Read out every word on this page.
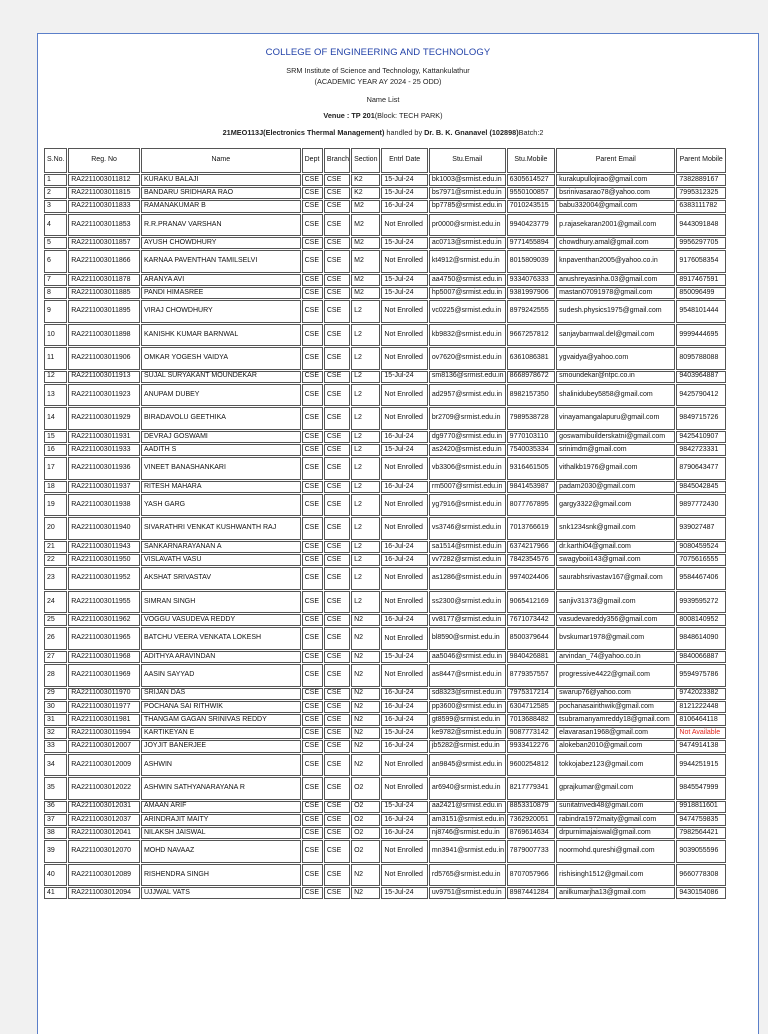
COLLEGE OF ENGINEERING AND TECHNOLOGY
SRM Institute of Science and Technology, Kattankulathur
(ACADEMIC YEAR AY 2024 - 25 ODD)
Name List
Venue : TP 201(Block: TECH PARK)
21MEO113J(Electronics Thermal Management) handled by Dr. B. K. Gnanavel (102898)Batch:2
S.No.	Reg. No	Name	Dept	Branch	Section	Entrl Date	Stu.Email	Stu.Mobile	Parent Email	Parent Mobile
1	RA2211003011812	KURAKU BALAJI	CSE	CSE	K2	15-Jul-24	bk1003@srmist.edu.in	6305614527	kurakupullojirao@gmail.com	7382889167
2	RA2211003011815	BANDARU SRIDHARA RAO	CSE	CSE	K2	15-Jul-24	bs7971@srmist.edu.in	9550100857	bsrinivasarao78@yahoo.com	7995312325
3	RA2211003011833	RAMANAKUMAR B	CSE	CSE	M2	16-Jul-24	bp7785@srmist.edu.in	7010243515	babu332004@gmail.com	6383111782
4	RA2211003011853	R.R.PRANAV VARSHAN	CSE	CSE	M2	Not Enrolled	pr0000@srmist.edu.in	9940423779	p.rajasekaran2001@gmail.com	9443091848
5	RA2211003011857	AYUSH CHOWDHURY	CSE	CSE	M2	15-Jul-24	ac0713@srmist.edu.in	9771455894	chowdhury.amal@gmail.com	9956297705
6	RA2211003011866	KARNAA PAVENTHAN TAMILSELVI	CSE	CSE	M2	Not Enrolled	kt4912@srmist.edu.in	8015809039	knpaventhan2005@yahoo.co.in	9176058354
7	RA2211003011878	ARANYA AVI	CSE	CSE	M2	15-Jul-24	aa4750@srmist.edu.in	9334076333	anushreyasinha.03@gmail.com	8917467591
8	RA2211003011885	PANDI HIMASREE	CSE	CSE	M2	15-Jul-24	hp5007@srmist.edu.in	9381997906	mastan07091978@gmail.com	850096499
9	RA2211003011895	VIRAJ CHOWDHURY	CSE	CSE	L2	Not Enrolled	vc0225@srmist.edu.in	8979242555	sudesh.physics1975@gmail.com	9548101444
10	RA2211003011898	KANISHK KUMAR BARNWAL	CSE	CSE	L2	Not Enrolled	kb9832@srmist.edu.in	9667257812	sanjaybarnwal.del@gmail.com	9999444695
11	RA2211003011906	OMKAR YOGESH VAIDYA	CSE	CSE	L2	Not Enrolled	ov7620@srmist.edu.in	6361086381	ygvaidya@yahoo.com	8095788088
12	RA2211003011913	SUJAL SURYAKANT MOUNDEKAR	CSE	CSE	L2	15-Jul-24	sm8136@srmist.edu.in	8668978672	smoundekar@ntpc.co.in	9403964887
13	RA2211003011923	ANUPAM DUBEY	CSE	CSE	L2	Not Enrolled	ad2957@srmist.edu.in	8982157350	shalinidubey5858@gmail.com	9425790412
14	RA2211003011929	BIRADAVOLU GEETHIKA	CSE	CSE	L2	Not Enrolled	br2709@srmist.edu.in	7989538728	vinayamangalapuru@gmail.com	9849715726
15	RA2211003011931	DEVRAJ GOSWAMI	CSE	CSE	L2	16-Jul-24	dg9770@srmist.edu.in	9770103110	goswamibuilderskatni@gmail.com	9425410907
16	RA2211003011933	AADITH S	CSE	CSE	L2	15-Jul-24	as2420@srmist.edu.in	7540035334	srinimdm@gmail.com	9842723331
17	RA2211003011936	VINEET BANASHANKARI	CSE	CSE	L2	Not Enrolled	vb3306@srmist.edu.in	9316461505	vithalkb1976@gmail.com	8790643477
18	RA2211003011937	RITESH MAHARA	CSE	CSE	L2	16-Jul-24	rm5007@srmist.edu.in	9841453987	padam2030@gmail.com	9845042845
19	RA2211003011938	YASH GARG	CSE	CSE	L2	Not Enrolled	yg7916@srmist.edu.in	8077767895	gargy3322@gmail.com	9897772430
20	RA2211003011940	SIVARATHRI VENKAT KUSHWANTH RAJ	CSE	CSE	L2	Not Enrolled	vs3746@srmist.edu.in	7013766619	snk1234snk@gmail.com	939027487
21	RA2211003011943	SANKARNARAYANAN A	CSE	CSE	L2	16-Jul-24	sa1514@srmist.edu.in	6374217966	dr.karthi04@gmail.com	9080459524
22	RA2211003011950	VISLAVATH VASU	CSE	CSE	L2	16-Jul-24	vv7282@srmist.edu.in	7842354576	swagyboii143@gmail.com	7075616555
23	RA2211003011952	AKSHAT SRIVASTAV	CSE	CSE	L2	Not Enrolled	as1286@srmist.edu.in	9974024406	saurabhsrivastav167@gmail.com	9584467406
24	RA2211003011955	SIMRAN SINGH	CSE	CSE	L2	Not Enrolled	ss2300@srmist.edu.in	9065412169	sanjiv31373@gmail.com	9939595272
25	RA2211003011962	VOGGU VASUDEVA REDDY	CSE	CSE	N2	16-Jul-24	vv8177@srmist.edu.in	7671073442	vasudevareddy356@gmail.com	8008140952
26	RA2211003011965	BATCHU VEERA VENKATA LOKESH	CSE	CSE	N2	Not Enrolled	bl8590@srmist.edu.in	8500379644	bvskumar1978@gmail.com	9848614090
27	RA2211003011968	ADITHYA ARAVINDAN	CSE	CSE	N2	15-Jul-24	aa5046@srmist.edu.in	9840426881	arvindan_74@yahoo.co.in	9840066887
28	RA2211003011969	AASIN SAYYAD	CSE	CSE	N2	Not Enrolled	as8447@srmist.edu.in	8779357557	progressive4422@gmail.com	9594975786
29	RA2211003011970	SRIJAN DAS	CSE	CSE	N2	16-Jul-24	sd8323@srmist.edu.in	7975317214	swarup76@yahoo.com	9742023382
30	RA2211003011977	POCHANA SAI RITHWIK	CSE	CSE	N2	16-Jul-24	pp3600@srmist.edu.in	6304712585	pochanasairithwik@gmail.com	8121222448
31	RA2211003011981	THANGAM GAGAN SRINIVAS REDDY	CSE	CSE	N2	16-Jul-24	gt8599@srmist.edu.in	7013688482	tsubramanyamreddy18@gmail.com	8106464118
32	RA2211003011994	KARTIKEYAN E	CSE	CSE	N2	15-Jul-24	ke9782@srmist.edu.in	9087773142	elavarasan1968@gmail.com	Not Available
33	RA2211003012007	JOYJIT BANERJEE	CSE	CSE	N2	16-Jul-24	jb5282@srmist.edu.in	9933412276	alokeban2010@gmail.com	9474914138
34	RA2211003012009	ASHWIN	CSE	CSE	N2	Not Enrolled	an9845@srmist.edu.in	9600254812	tokkojabez123@gmail.com	9944251915
35	RA2211003012022	ASHWIN SATHYANARAYANA R	CSE	CSE	O2	Not Enrolled	ar6940@srmist.edu.in	8217779341	gprajkumar@gmail.com	9845547999
36	RA2211003012031	AMAAN ARIF	CSE	CSE	O2	15-Jul-24	aa2421@srmist.edu.in	8853310879	sunitatrivedi48@gmail.com	9918811601
37	RA2211003012037	ARINDRAJIT MAITY	CSE	CSE	O2	16-Jul-24	am3151@srmist.edu.in	7362920051	rabindra1972maity@gmail.com	9474759835
38	RA2211003012041	NILAKSH JAISWAL	CSE	CSE	O2	16-Jul-24	nj8746@srmist.edu.in	8769614634	drpurnimajaiswal@gmail.com	7982564421
39	RA2211003012070	MOHD NAVAAZ	CSE	CSE	O2	Not Enrolled	mn3941@srmist.edu.in	7879007733	noormohd.qureshi@gmail.com	9039055596
40	RA2211003012089	RISHENDRA SINGH	CSE	CSE	N2	Not Enrolled	rd5765@srmist.edu.in	8707057966	rishisingh1512@gmail.com	9660778308
41	RA2211003012094	UJJWAL VATS	CSE	CSE	N2	15-Jul-24	uv9751@srmist.edu.in	8987441284	anilkumarjha13@gmail.com	9430154086
